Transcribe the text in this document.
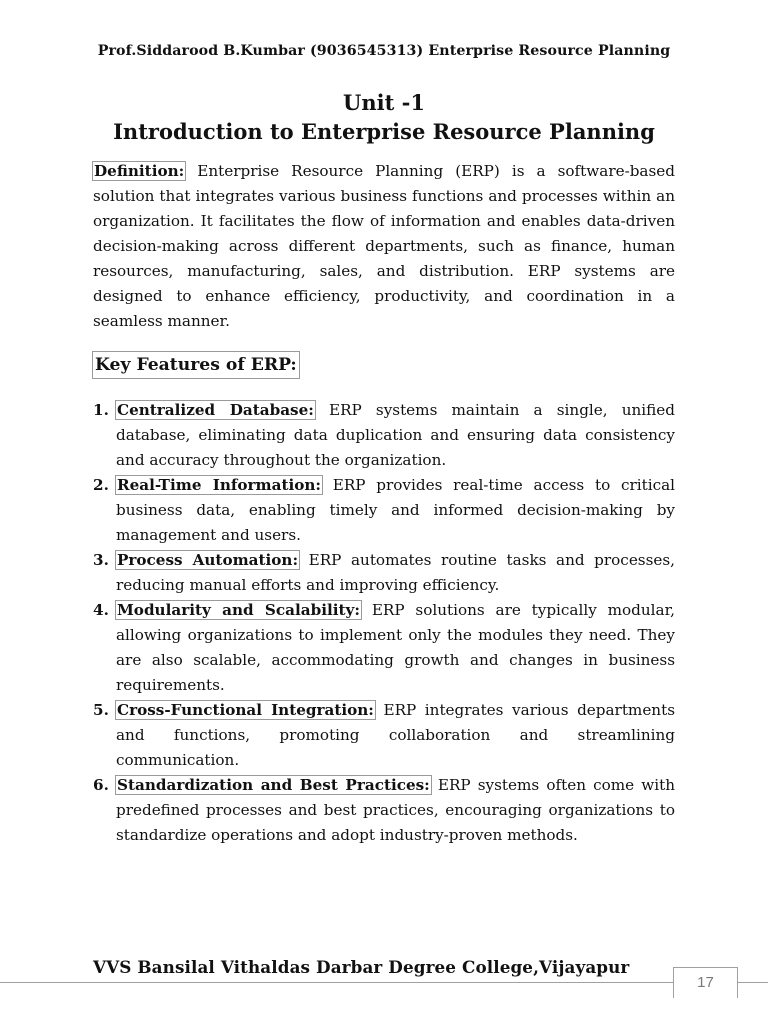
Prof.Siddarood B.Kumbar (9036545313) Enterprise Resource Planning
Unit -1
Introduction to Enterprise Resource Planning
Definition: Enterprise Resource Planning (ERP) is a software-based solution that integrates various business functions and processes within an organization. It facilitates the flow of information and enables data-driven decision-making across different departments, such as finance, human resources, manufacturing, sales, and distribution. ERP systems are designed to enhance efficiency, productivity, and coordination in a seamless manner.
Key Features of ERP:
1. Centralized Database: ERP systems maintain a single, unified database, eliminating data duplication and ensuring data consistency and accuracy throughout the organization.
2. Real-Time Information: ERP provides real-time access to critical business data, enabling timely and informed decision-making by management and users.
3. Process Automation: ERP automates routine tasks and processes, reducing manual efforts and improving efficiency.
4. Modularity and Scalability: ERP solutions are typically modular, allowing organizations to implement only the modules they need. They are also scalable, accommodating growth and changes in business requirements.
5. Cross-Functional Integration: ERP integrates various departments and functions, promoting collaboration and streamlining communication.
6. Standardization and Best Practices: ERP systems often come with predefined processes and best practices, encouraging organizations to standardize operations and adopt industry-proven methods.
VVS Bansilal Vithaldas Darbar Degree College,Vijayapur
17
